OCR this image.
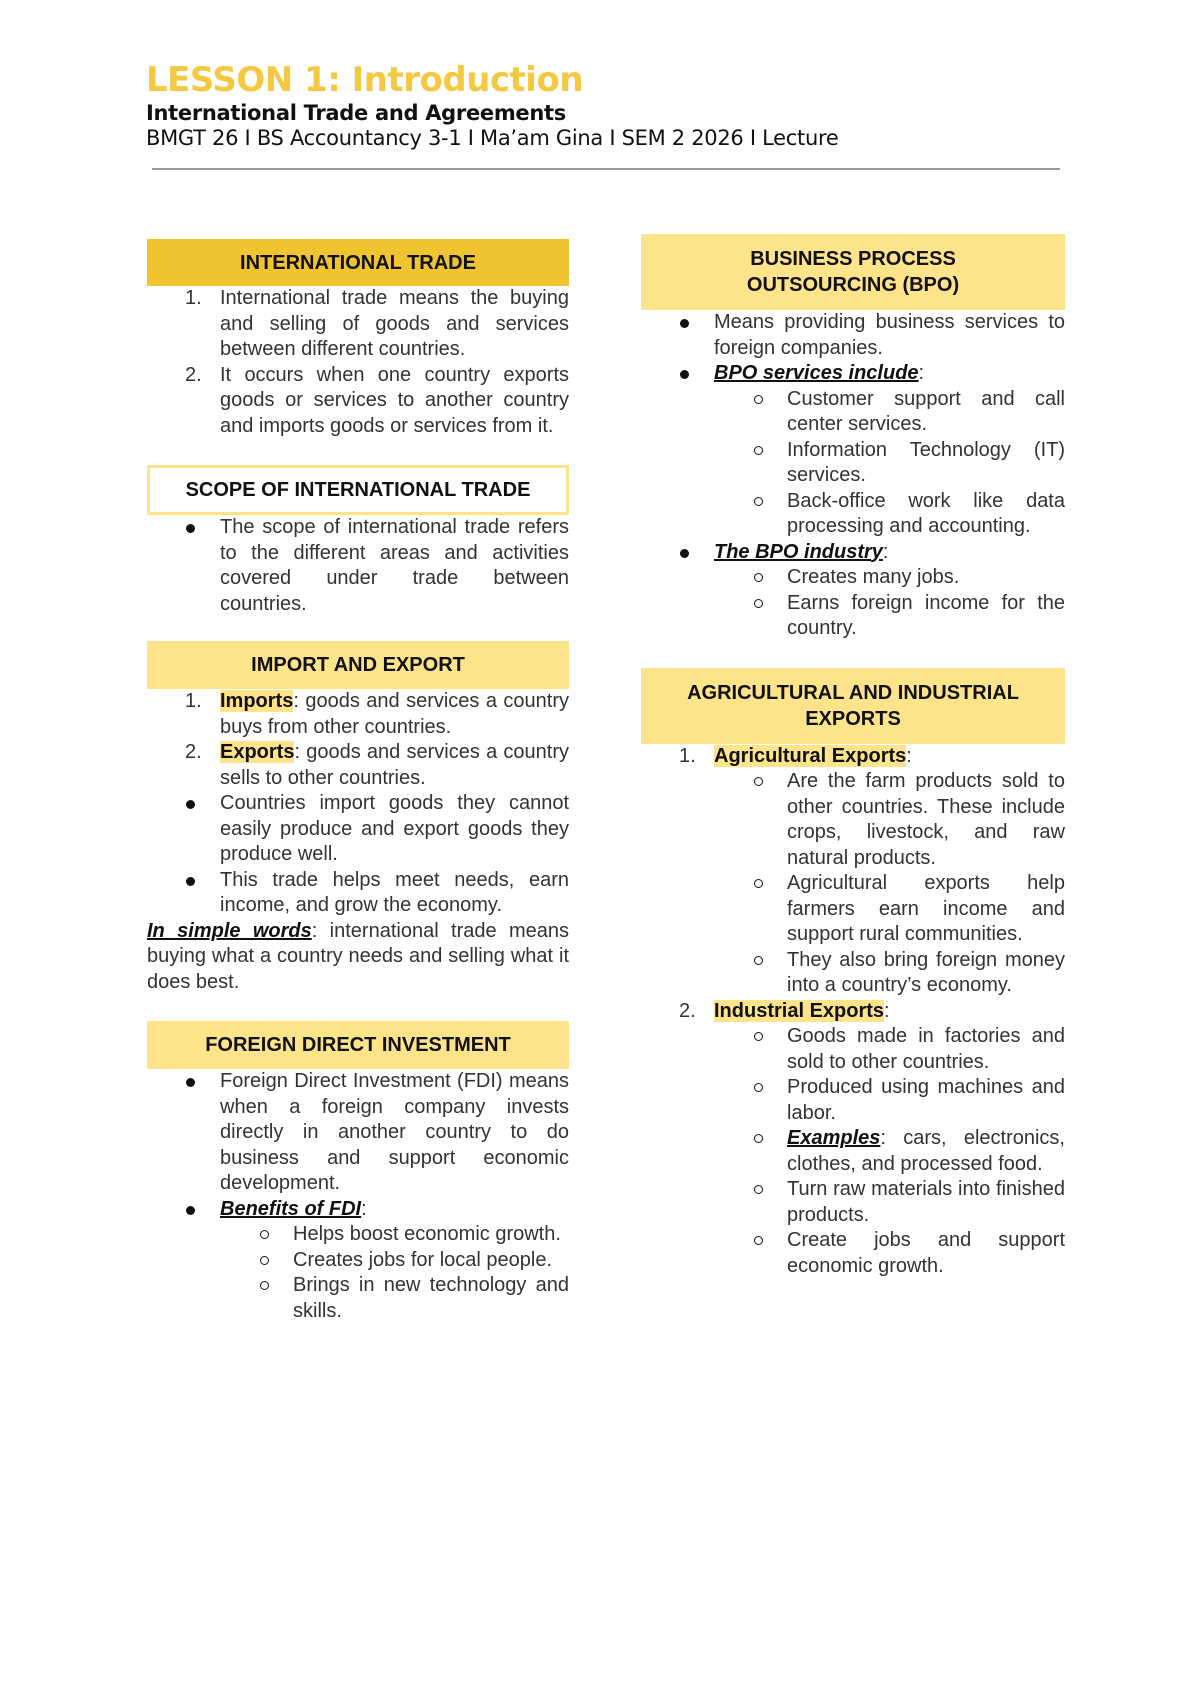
LESSON 1: Introduction
International Trade and Agreements
BMGT 26 I BS Accountancy 3-1 I Ma’am Gina I SEM 2 2026 I Lecture
INTERNATIONAL TRADE
1. International trade means the buying and selling of goods and services between different countries.
2. It occurs when one country exports goods or services to another country and imports goods or services from it.
SCOPE OF INTERNATIONAL TRADE
The scope of international trade refers to the different areas and activities covered under trade between countries.
IMPORT AND EXPORT
1. Imports: goods and services a country buys from other countries.
2. Exports: goods and services a country sells to other countries.
Countries import goods they cannot easily produce and export goods they produce well.
This trade helps meet needs, earn income, and grow the economy.
In simple words: international trade means buying what a country needs and selling what it does best.
FOREIGN DIRECT INVESTMENT
Foreign Direct Investment (FDI) means when a foreign company invests directly in another country to do business and support economic development.
Benefits of FDI:
Helps boost economic growth.
Creates jobs for local people.
Brings in new technology and skills.
BUSINESS PROCESS
OUTSOURCING (BPO)
Means providing business services to foreign companies.
BPO services include:
Customer support and call center services.
Information Technology (IT) services.
Back-office work like data processing and accounting.
The BPO industry:
Creates many jobs.
Earns foreign income for the country.
AGRICULTURAL AND INDUSTRIAL
EXPORTS
1. Agricultural Exports:
Are the farm products sold to other countries. These include crops, livestock, and raw natural products.
Agricultural exports help farmers earn income and support rural communities.
They also bring foreign money into a country’s economy.
2. Industrial Exports:
Goods made in factories and sold to other countries.
Produced using machines and labor.
Examples: cars, electronics, clothes, and processed food.
Turn raw materials into finished products.
Create jobs and support economic growth.
